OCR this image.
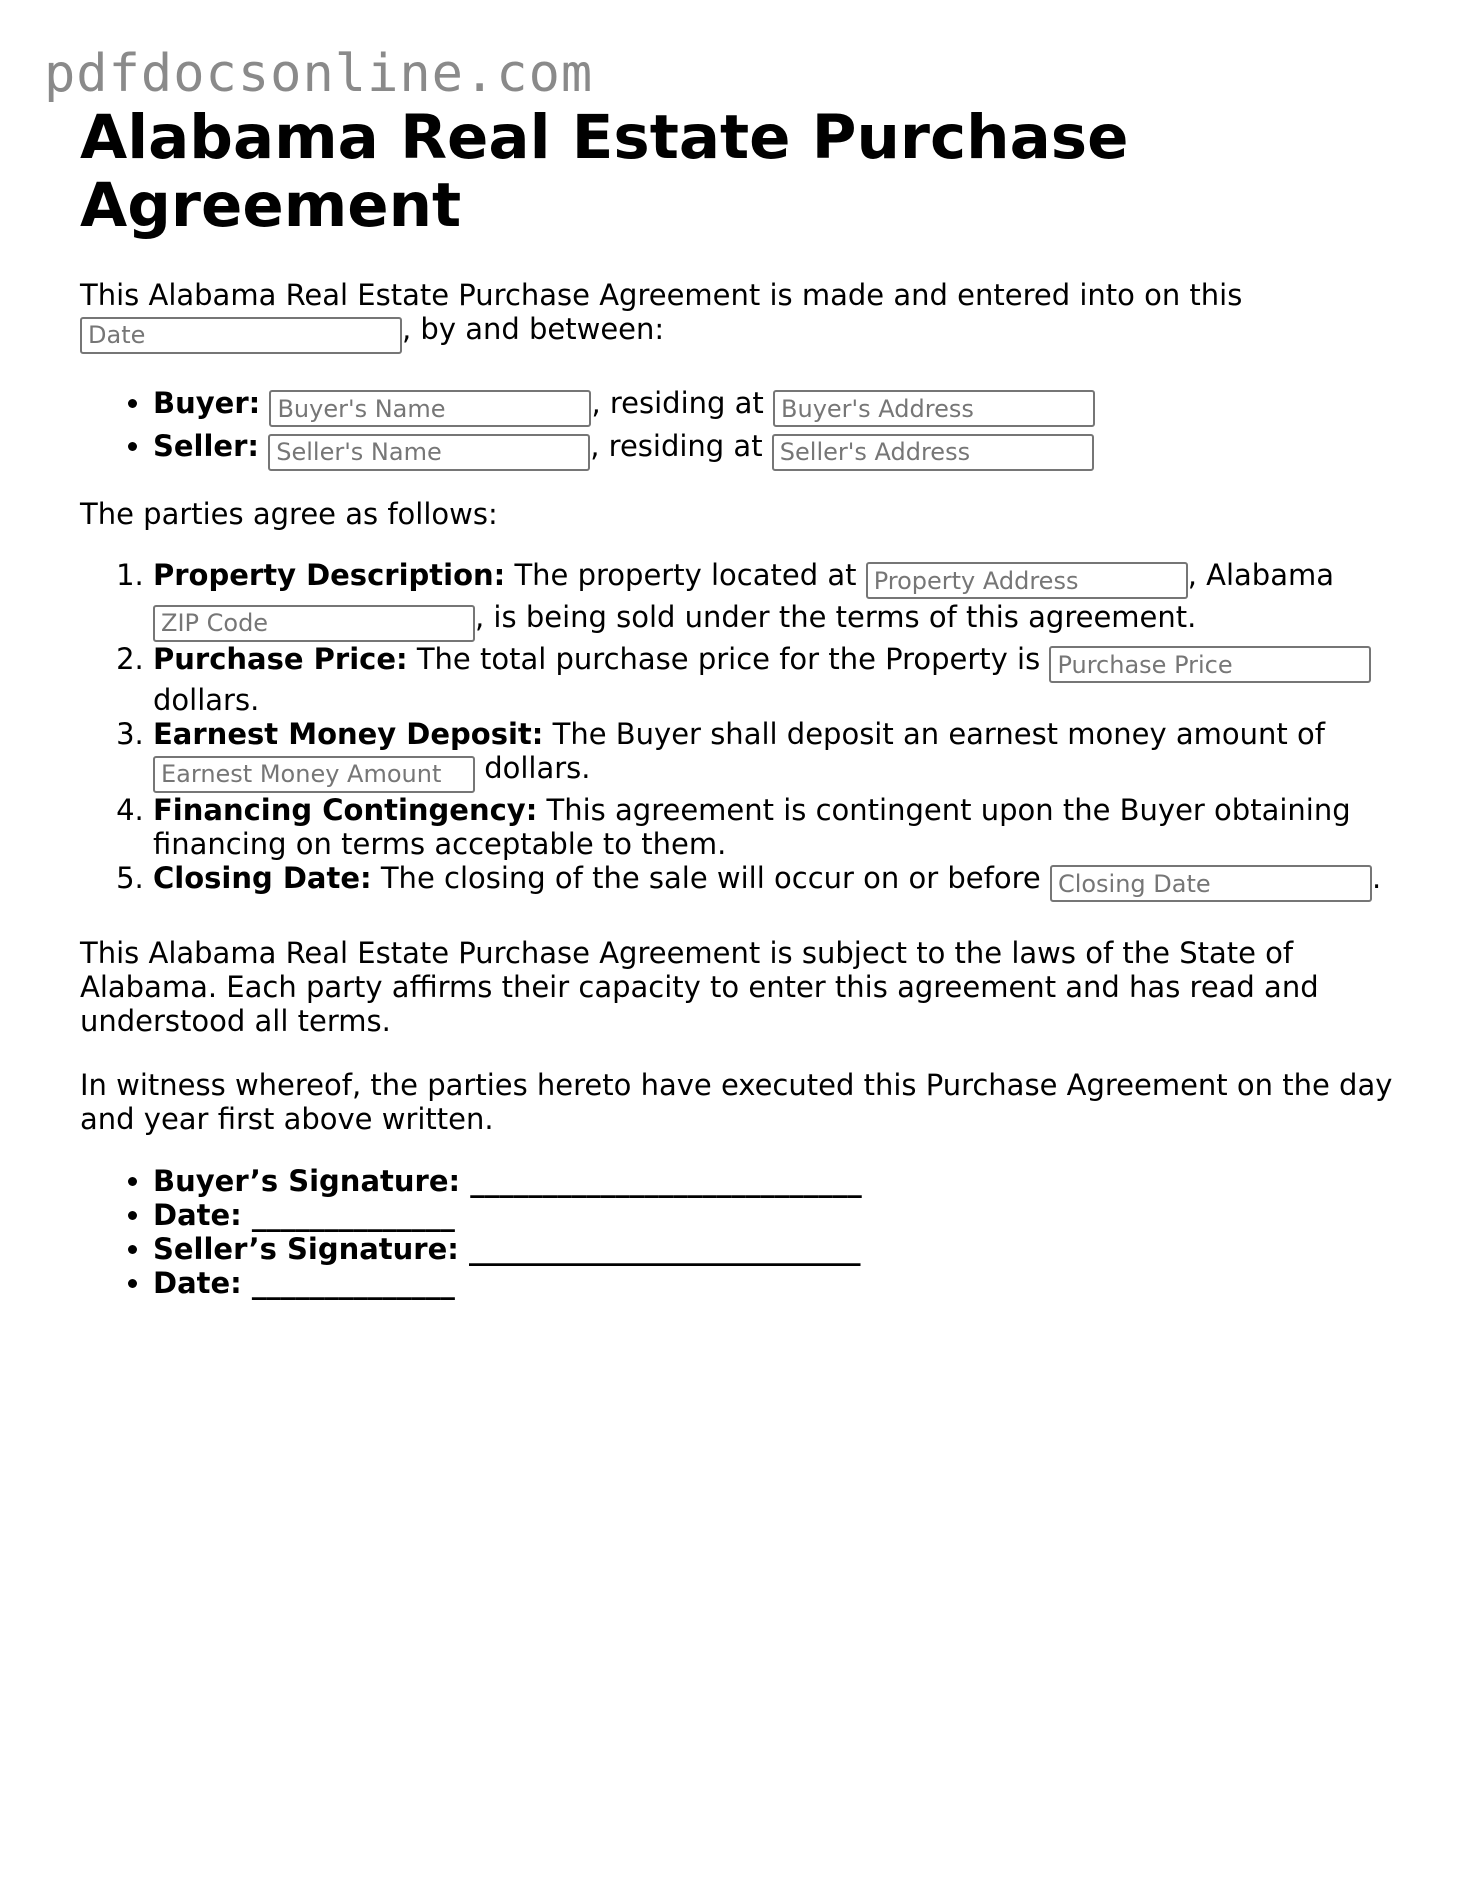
pdfdocsonline.com
Alabama Real Estate Purchase Agreement

This Alabama Real Estate Purchase Agreement is made and entered into on this
Date, by and between:

• Buyer: Buyer's Name	, residing at Buyer's Address
• Seller: Seller's Name	, residing at Seller's Address

The parties agree as follows:

1. Property Description: The property located at Property Address	, Alabama ZIP Code, is being sold under the terms of this agreement.
2. Purchase Price: The total purchase price for the Property is Purchase Price dollars.
3. Earnest Money Deposit: The Buyer shall deposit an earnest money amount of Earnest Money Amount dollars.
4. Financing Contingency: This agreement is contingent upon the Buyer obtaining financing on terms acceptable to them.
5. Closing Date: The closing of the sale will occur on or before Closing Date	.

This Alabama Real Estate Purchase Agreement is subject to the laws of the State of Alabama. Each party affirms their capacity to enter this agreement and has read and understood all terms.

In witness whereof, the parties hereto have executed this Purchase Agreement on the day and year first above written.

• Buyer’s Signature: ___________________________
• Date: ______________
• Seller’s Signature: ___________________________
• Date: ______________
